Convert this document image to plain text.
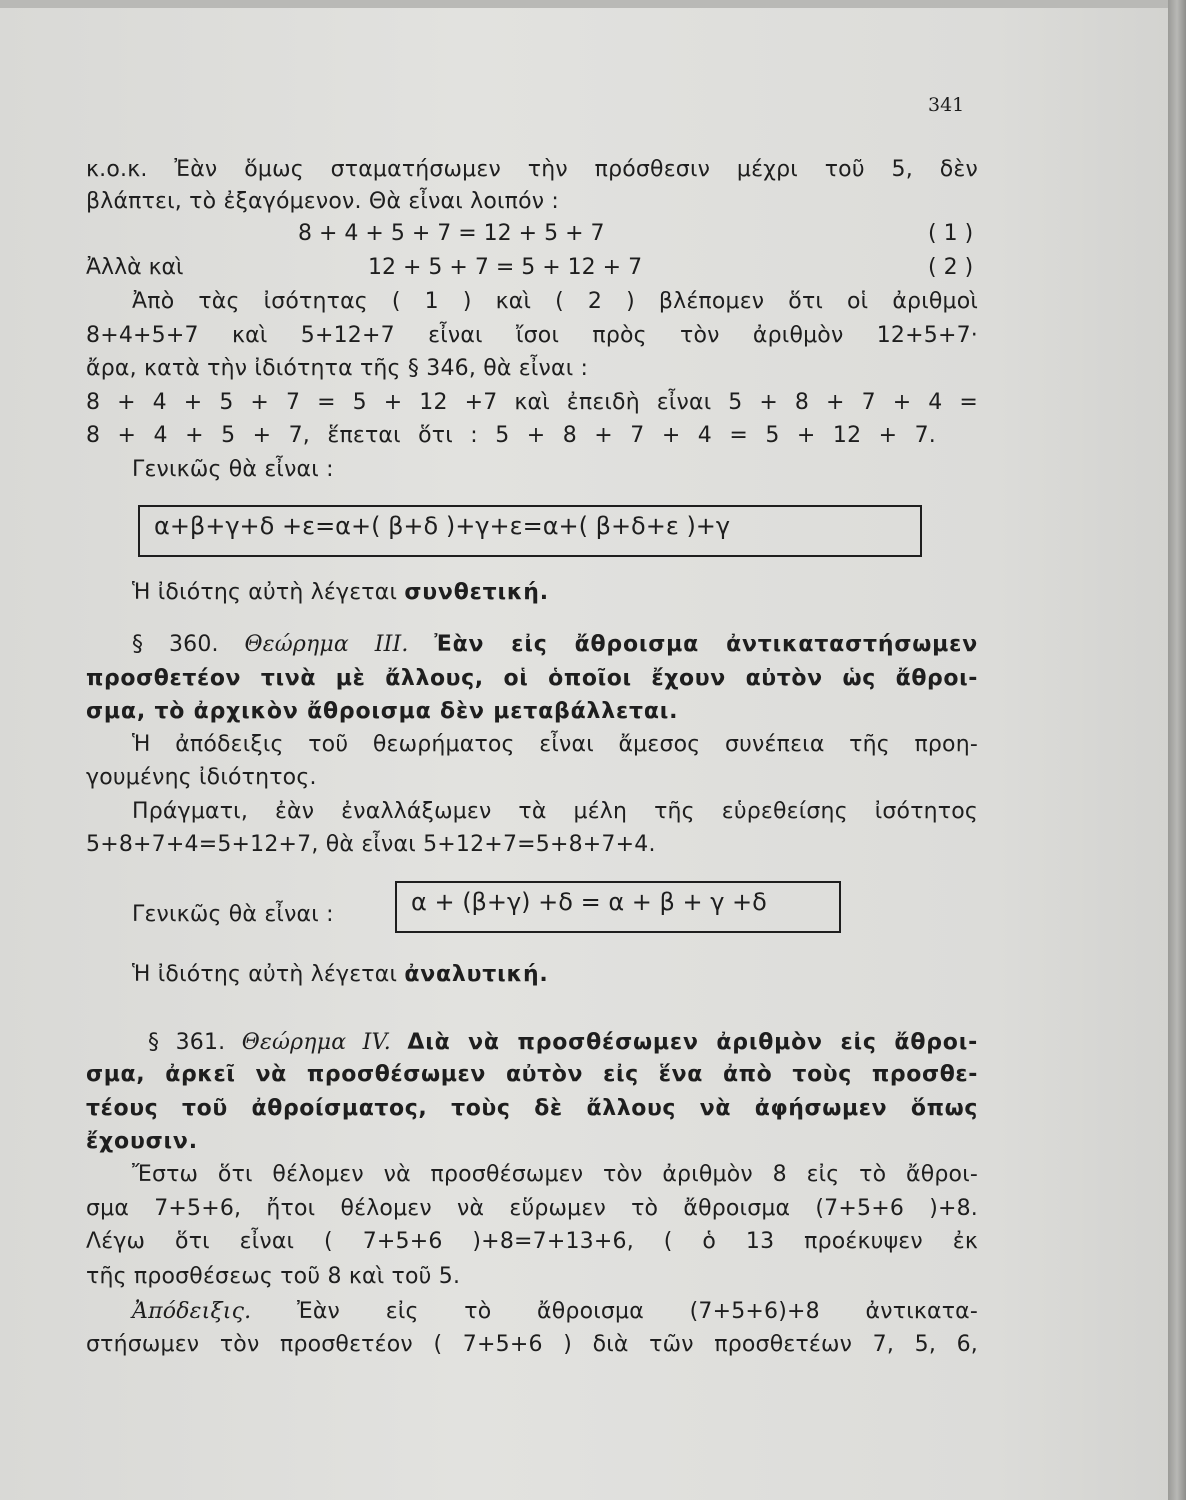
341
κ.ο.κ. Ἐὰν ὅμως σταματήσωμεν τὴν πρόσθεσιν μέχρι τοῦ 5, δὲν
βλάπτει, τὸ ἐξαγόμενον. Θὰ εἶναι λοιπόν :
8 + 4 + 5 + 7 = 12 + 5 + 7	( 1 )
Ἀλλὰ καὶ	12 + 5 + 7 = 5 + 12 + 7	( 2 )
Ἀπὸ τὰς ἰσότητας ( 1 ) καὶ ( 2 ) βλέπομεν ὅτι οἱ ἀριθμοὶ
8+4+5+7 καὶ 5+12+7 εἶναι ἴσοι πρὸς τὸν ἀριθμὸν 12+5+7·
ἄρα, κατὰ τὴν ἰδιότητα τῆς § 346, θὰ εἶναι :
8 + 4 + 5 + 7 = 5 + 12 +7 καὶ ἐπειδὴ εἶναι 5 + 8 + 7 + 4 =
8 + 4 + 5 + 7, ἕπεται ὅτι : 5 + 8 + 7 + 4 = 5 + 12 + 7.
Γενικῶς θὰ εἶναι :
α+β+γ+δ +ε=α+( β+δ )+γ+ε=α+( β+δ+ε )+γ
Ἡ ἰδιότης αὐτὴ λέγεται συνθετική.
§ 360. Θεώρημα III. Ἐὰν εἰς ἄθροισμα ἀντικαταστήσωμεν
προσθετέον τινὰ μὲ ἄλλους, οἱ ὁποῖοι ἔχουν αὐτὸν ὡς ἄθροι-
σμα, τὸ ἀρχικὸν ἄθροισμα δὲν μεταβάλλεται.
Ἡ ἀπόδειξις τοῦ θεωρήματος εἶναι ἄμεσος συνέπεια τῆς προη-
γουμένης ἰδιότητος.
Πράγματι, ἐὰν ἐναλλάξωμεν τὰ μέλη τῆς εὑρεθείσης ἰσότητος
5+8+7+4=5+12+7, θὰ εἶναι 5+12+7=5+8+7+4.
Γενικῶς θὰ εἶναι :	α + (β+γ) +δ = α + β + γ +δ
Ἡ ἰδιότης αὐτὴ λέγεται ἀναλυτική.
§ 361. Θεώρημα IV. Διὰ νὰ προσθέσωμεν ἀριθμὸν εἰς ἄθροι-
σμα, ἀρκεῖ νὰ προσθέσωμεν αὐτὸν εἰς ἕνα ἀπὸ τοὺς προσθε-
τέους τοῦ ἀθροίσματος, τοὺς δὲ ἄλλους νὰ ἀφήσωμεν ὅπως
ἔχουσιν.
Ἔστω ὅτι θέλομεν νὰ προσθέσωμεν τὸν ἀριθμὸν 8 εἰς τὸ ἄθροι-
σμα 7+5+6, ἤτοι θέλομεν νὰ εὕρωμεν τὸ ἄθροισμα (7+5+6 )+8.
Λέγω ὅτι εἶναι ( 7+5+6 )+8=7+13+6, ( ὁ 13 προέκυψεν ἐκ
τῆς προσθέσεως τοῦ 8 καὶ τοῦ 5.
Ἀπόδειξις. Ἐὰν εἰς τὸ ἄθροισμα (7+5+6)+8 ἀντικατα-
στήσωμεν τὸν προσθετέον ( 7+5+6 ) διὰ τῶν προσθετέων 7, 5, 6,
